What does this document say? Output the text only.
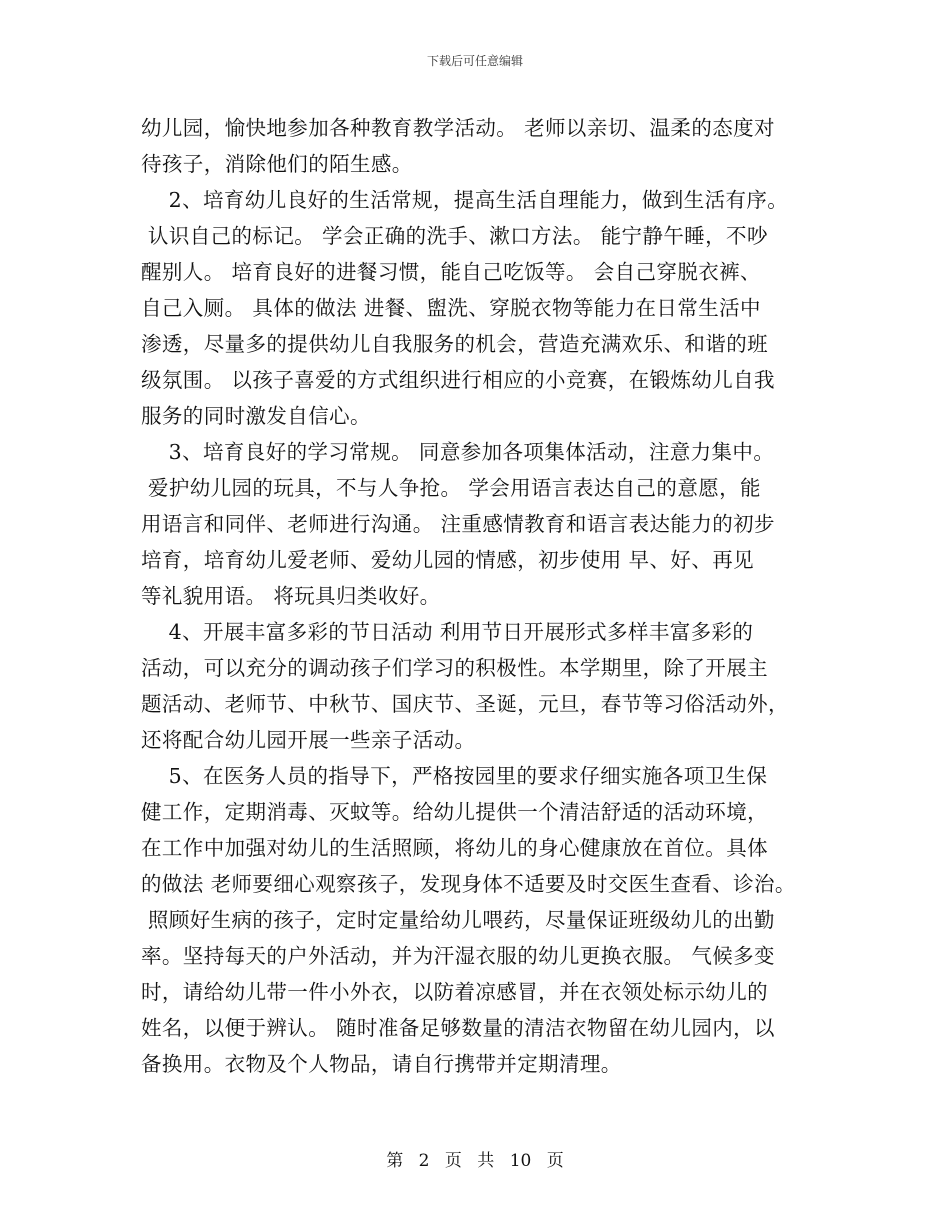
下载后可任意编辑
幼儿园，愉快地参加各种教育教学活动。 老师以亲切、温柔的态度对
待孩子，消除他们的陌生感。
2、培育幼儿良好的生活常规，提高生活自理能力，做到生活有序。
认识自己的标记。 学会正确的洗手、漱口方法。 能宁静午睡，不吵
醒别人。 培育良好的进餐习惯，能自己吃饭等。 会自己穿脱衣裤、
自己入厕。 具体的做法 进餐、盥洗、穿脱衣物等能力在日常生活中
渗透，尽量多的提供幼儿自我服务的机会，营造充满欢乐、和谐的班
级氛围。 以孩子喜爱的方式组织进行相应的小竞赛，在锻炼幼儿自我
服务的同时激发自信心。
3、培育良好的学习常规。 同意参加各项集体活动，注意力集中。
爱护幼儿园的玩具，不与人争抢。 学会用语言表达自己的意愿，能
用语言和同伴、老师进行沟通。 注重感情教育和语言表达能力的初步
培育，培育幼儿爱老师、爱幼儿园的情感，初步使用 早、好、再见
等礼貌用语。 将玩具归类收好。
4、开展丰富多彩的节日活动 利用节日开展形式多样丰富多彩的
活动，可以充分的调动孩子们学习的积极性。本学期里，除了开展主
题活动、老师节、中秋节、国庆节、圣诞，元旦，春节等习俗活动外，
还将配合幼儿园开展一些亲子活动。
5、在医务人员的指导下，严格按园里的要求仔细实施各项卫生保
健工作，定期消毒、灭蚊等。给幼儿提供一个清洁舒适的活动环境，
在工作中加强对幼儿的生活照顾，将幼儿的身心健康放在首位。具体
的做法 老师要细心观察孩子，发现身体不适要及时交医生查看、诊治。
照顾好生病的孩子，定时定量给幼儿喂药，尽量保证班级幼儿的出勤
率。坚持每天的户外活动，并为汗湿衣服的幼儿更换衣服。 气候多变
时，请给幼儿带一件小外衣，以防着凉感冒，并在衣领处标示幼儿的
姓名，以便于辨认。 随时准备足够数量的清洁衣物留在幼儿园内，以
备换用。衣物及个人物品，请自行携带并定期清理。
第 2 页 共 10 页
